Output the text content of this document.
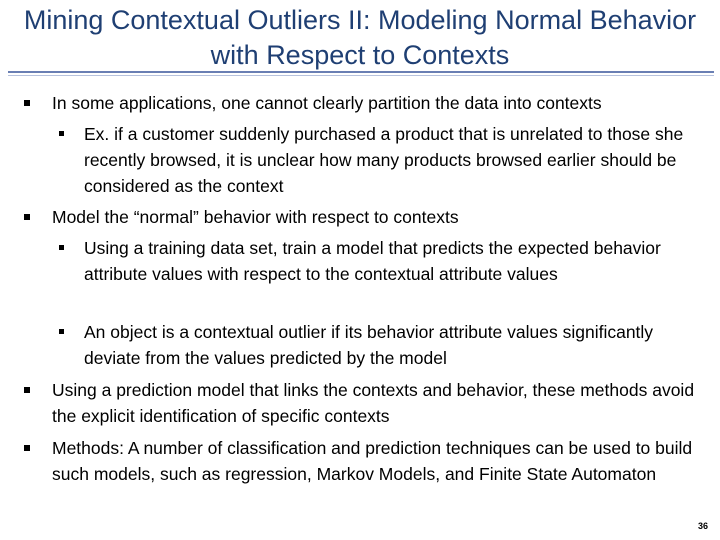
Mining Contextual Outliers II: Modeling Normal Behavior with Respect to Contexts
In some applications, one cannot clearly partition the data into contexts
Ex. if a customer suddenly purchased a product that is unrelated to those she recently browsed, it is unclear how many products browsed earlier should be considered as the context
Model the “normal” behavior with respect to contexts
Using a training data set, train a model that predicts the expected behavior attribute values with respect to the contextual attribute values
An object is a contextual outlier if its behavior attribute values significantly deviate from the values predicted by the model
Using a prediction model that links the contexts and behavior, these methods avoid the explicit identification of specific contexts
Methods: A number of classification and prediction techniques can be used to build such models, such as regression, Markov Models, and Finite State Automaton
36
